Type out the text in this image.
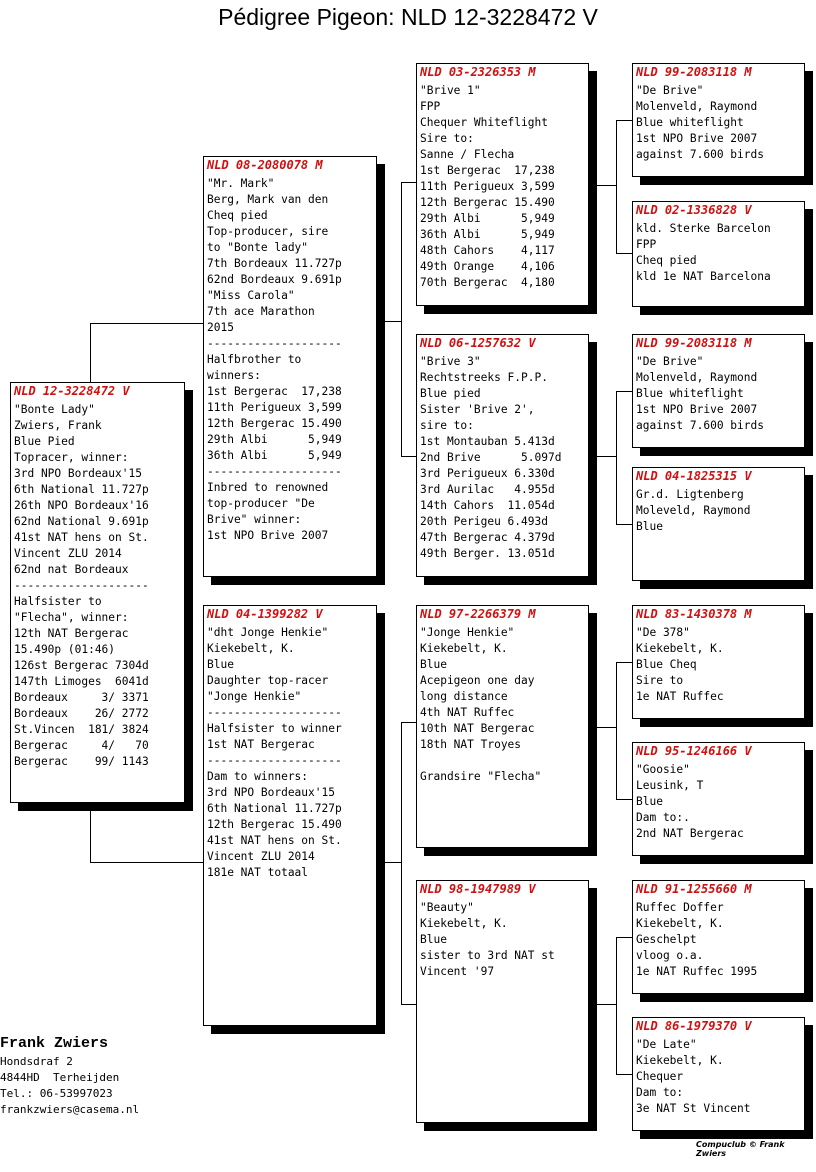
Pédigree Pigeon: NLD 12-3228472 V
NLD 12-3228472 V
"Bonte Lady"
Zwiers, Frank
Blue Pied
Topracer, winner:
3rd NPO Bordeaux'15
6th National 11.727p
26th NPO Bordeaux'16
62nd National 9.691p
41st NAT hens on St.
Vincent ZLU 2014
62nd nat Bordeaux
--------------------
Halfsister to
"Flecha", winner:
12th NAT Bergerac
15.490p (01:46)
126st Bergerac 7304d
147th Limoges  6041d
Bordeaux     3/ 3371
Bordeaux    26/ 2772
St.Vincen  181/ 3824
Bergerac     4/   70
Bergerac    99/ 1143
NLD 08-2080078 M
"Mr. Mark"
Berg, Mark van den
Cheq pied
Top-producer, sire
to "Bonte lady"
7th Bordeaux 11.727p
62nd Bordeaux 9.691p
"Miss Carola"
7th ace Marathon
2015
--------------------
Halfbrother to
winners:
1st Bergerac  17,238
11th Perigueux 3,599
12th Bergerac 15.490
29th Albi      5,949
36th Albi      5,949
--------------------
Inbred to renowned
top-producer "De
Brive" winner:
1st NPO Brive 2007
NLD 04-1399282 V
"dht Jonge Henkie"
Kiekebelt, K.
Blue
Daughter top-racer
"Jonge Henkie"
--------------------
Halfsister to winner
1st NAT Bergerac
--------------------
Dam to winners:
3rd NPO Bordeaux'15
6th National 11.727p
12th Bergerac 15.490
41st NAT hens on St.
Vincent ZLU 2014
181e NAT totaal
NLD 03-2326353 M
"Brive 1"
FPP
Chequer Whiteflight
Sire to:
Sanne / Flecha
1st Bergerac  17,238
11th Perigueux 3,599
12th Bergerac 15.490
29th Albi      5,949
36th Albi      5,949
48th Cahors    4,117
49th Orange    4,106
70th Bergerac  4,180
NLD 06-1257632 V
"Brive 3"
Rechtstreeks F.P.P.
Blue pied
Sister 'Brive 2',
sire to:
1st Montauban 5.413d
2nd Brive      5.097d
3rd Perigueux 6.330d
3rd Aurilac   4.955d
14th Cahors  11.054d
20th Perigeu 6.493d
47th Bergerac 4.379d
49th Berger. 13.051d
NLD 97-2266379 M
"Jonge Henkie"
Kiekebelt, K.
Blue
Acepigeon one day
long distance
4th NAT Ruffec
10th NAT Bergerac
18th NAT Troyes
Grandsire "Flecha"
NLD 98-1947989 V
"Beauty"
Kiekebelt, K.
Blue
sister to 3rd NAT st
Vincent '97
NLD 99-2083118 M
"De Brive"
Molenveld, Raymond
Blue whiteflight
1st NPO Brive 2007
against 7.600 birds
NLD 02-1336828 V
kld. Sterke Barcelon
FPP
Cheq pied
kld 1e NAT Barcelona
NLD 99-2083118 M
"De Brive"
Molenveld, Raymond
Blue whiteflight
1st NPO Brive 2007
against 7.600 birds
NLD 04-1825315 V
Gr.d. Ligtenberg
Moleveld, Raymond
Blue
NLD 83-1430378 M
"De 378"
Kiekebelt, K.
Blue Cheq
Sire to
1e NAT Ruffec
NLD 95-1246166 V
"Goosie"
Leusink, T
Blue
Dam to:.
2nd NAT Bergerac
NLD 91-1255660 M
Ruffec Doffer
Kiekebelt, K.
Geschelpt
vloog o.a.
1e NAT Ruffec 1995
NLD 86-1979370 V
"De Late"
Kiekebelt, K.
Chequer
Dam to:
3e NAT St Vincent
Frank Zwiers
Hondsdraf 2
4844HD  Terheijden
Tel.: 06-53997023
frankzwiers@casema.nl
Compuclub © Frank Zwiers
